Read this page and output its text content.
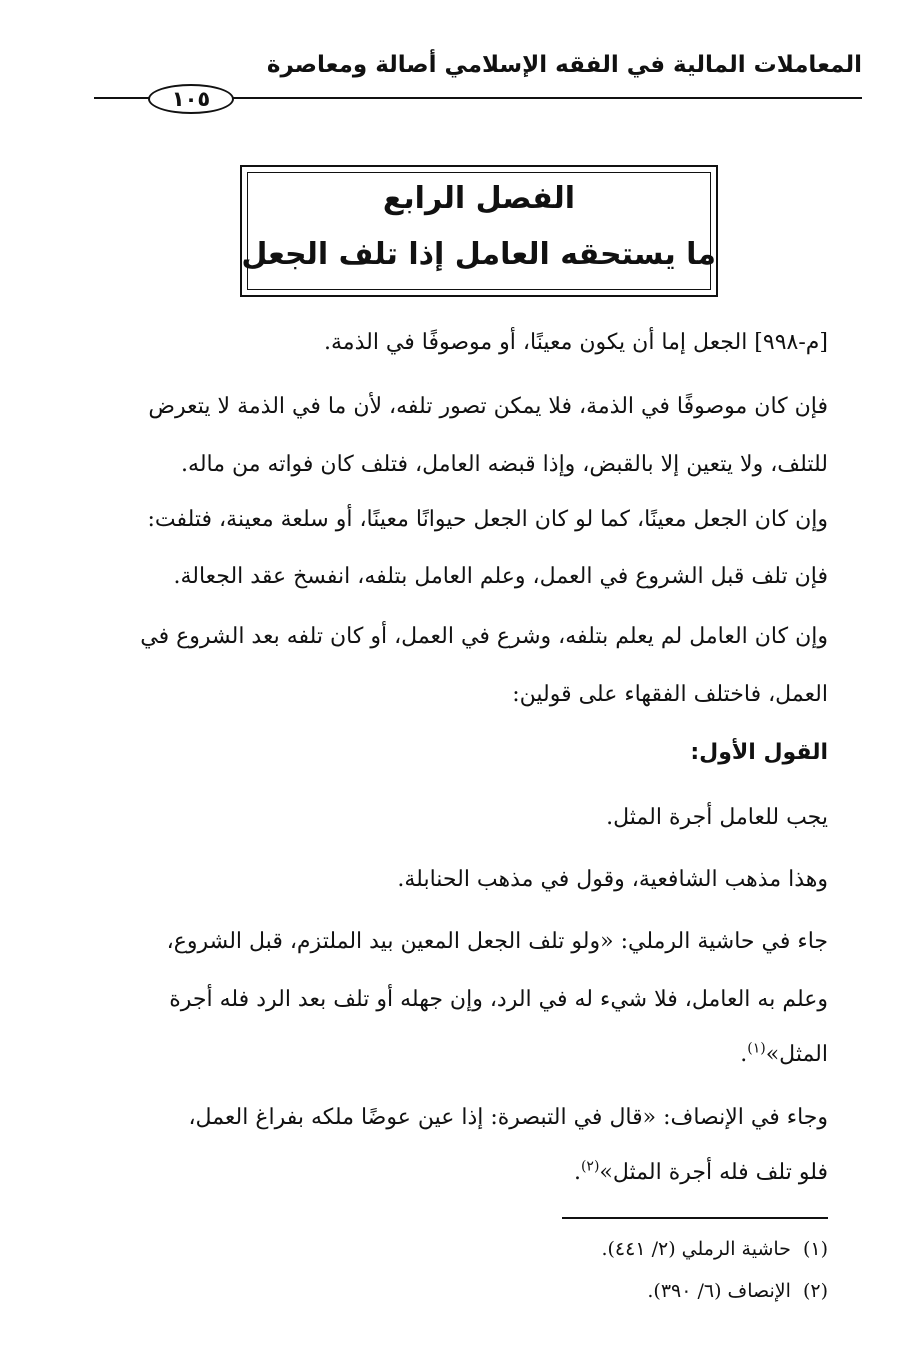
المعاملات المالية في الفقه الإسلامي أصالة ومعاصرة
١٠٥
الفصل الرابع
ما يستحقه العامل إذا تلف الجعل
[م-٩٩٨] الجعل إما أن يكون معينًا، أو موصوفًا في الذمة.
فإن كان موصوفًا في الذمة، فلا يمكن تصور تلفه، لأن ما في الذمة لا يتعرض
للتلف، ولا يتعين إلا بالقبض، وإذا قبضه العامل، فتلف كان فواته من ماله.
وإن كان الجعل معينًا، كما لو كان الجعل حيوانًا معينًا، أو سلعة معينة، فتلفت:
فإن تلف قبل الشروع في العمل، وعلم العامل بتلفه، انفسخ عقد الجعالة.
وإن كان العامل لم يعلم بتلفه، وشرع في العمل، أو كان تلفه بعد الشروع في
العمل، فاختلف الفقهاء على قولين:
القول الأول:
يجب للعامل أجرة المثل.
وهذا مذهب الشافعية، وقول في مذهب الحنابلة.
جاء في حاشية الرملي: «ولو تلف الجعل المعين بيد الملتزم، قبل الشروع،
وعلم به العامل، فلا شيء له في الرد، وإن جهله أو تلف بعد الرد فله أجرة
المثل»$^{(١)}$.
وجاء في الإنصاف: «قال في التبصرة: إذا عين عوضًا ملكه بفراغ العمل،
فلو تلف فله أجرة المثل»$^{(٢)}$.
(١)حاشية الرملي (٢/ ٤٤١).
(٢)الإنصاف (٦/ ٣٩٠).
